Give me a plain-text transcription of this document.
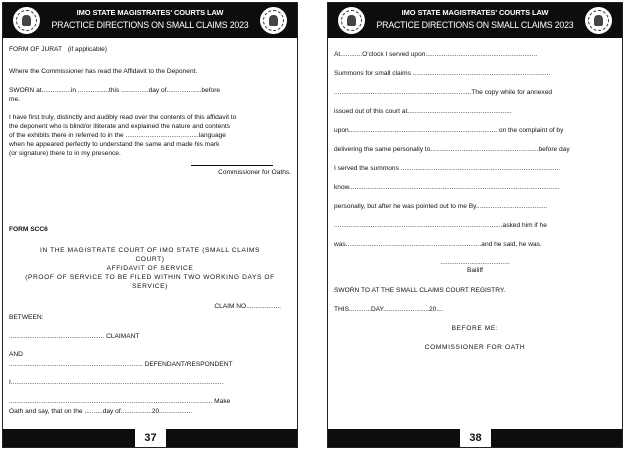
IMO STATE MAGISTRATES' COURTS LAW
PRACTICE DIRECTIONS ON SMALL CLAIMS 2023
FORM OF JURAT (if applicable)
Where the Commissioner has read the Affidavit to the Deponent.
SWORN at................in .................this ...............day of...................before
me.
I have first truly, distinctly and audibly read over the contents of this affidavit to
the deponent who is blind/or illiterate and explained the nature and contents
of the exhibits there in referred to in the ........................................language
when he appeared perfectly to understand the same and made his mark
(or signature) there to in my presence.
Commissioner for Oaths.
FORM SCC6
IN THE MAGISTRATE COURT OF IMO STATE (SMALL CLAIMS
COURT)
AFFIDAVIT OF SERVICE
(PROOF OF SERVICE TO BE FILED WITHIN TWO WORKING DAYS OF
SERVICE)
CLAIM NO...................
BETWEEN:
.................................................... CLAIMANT
AND
......................................................................... DEFENDANT/RESPONDENT
I....................................................................................................................
............................................................................................................... Make
Oath and say, that on the ..........day of.................20..................
37
IMO STATE MAGISTRATES' COURTS LAW
PRACTICE DIRECTIONS ON SMALL CLAIMS 2023
At............O'clock I served upon.............................................................
Summons for small claims ...........................................................................
...........................................................................The copy while for annexed
issued out of this court at.........................................................
upon................................................................................. on the complaint of by
delivering the same personally to...........................................................before day
I served the summons .......................................................................................
know...................................................................................................................
personally, but after he was pointed out to me By.......................................
............................................................................................asked him if he
was..........................................................................and he said, he was.
......................................
Bailiff
SWORN TO AT THE SMALL CLAIMS COURT REGISTRY.
THIS............DAY.........................20....
BEFORE ME:
COMMISSIONER FOR OATH
38
